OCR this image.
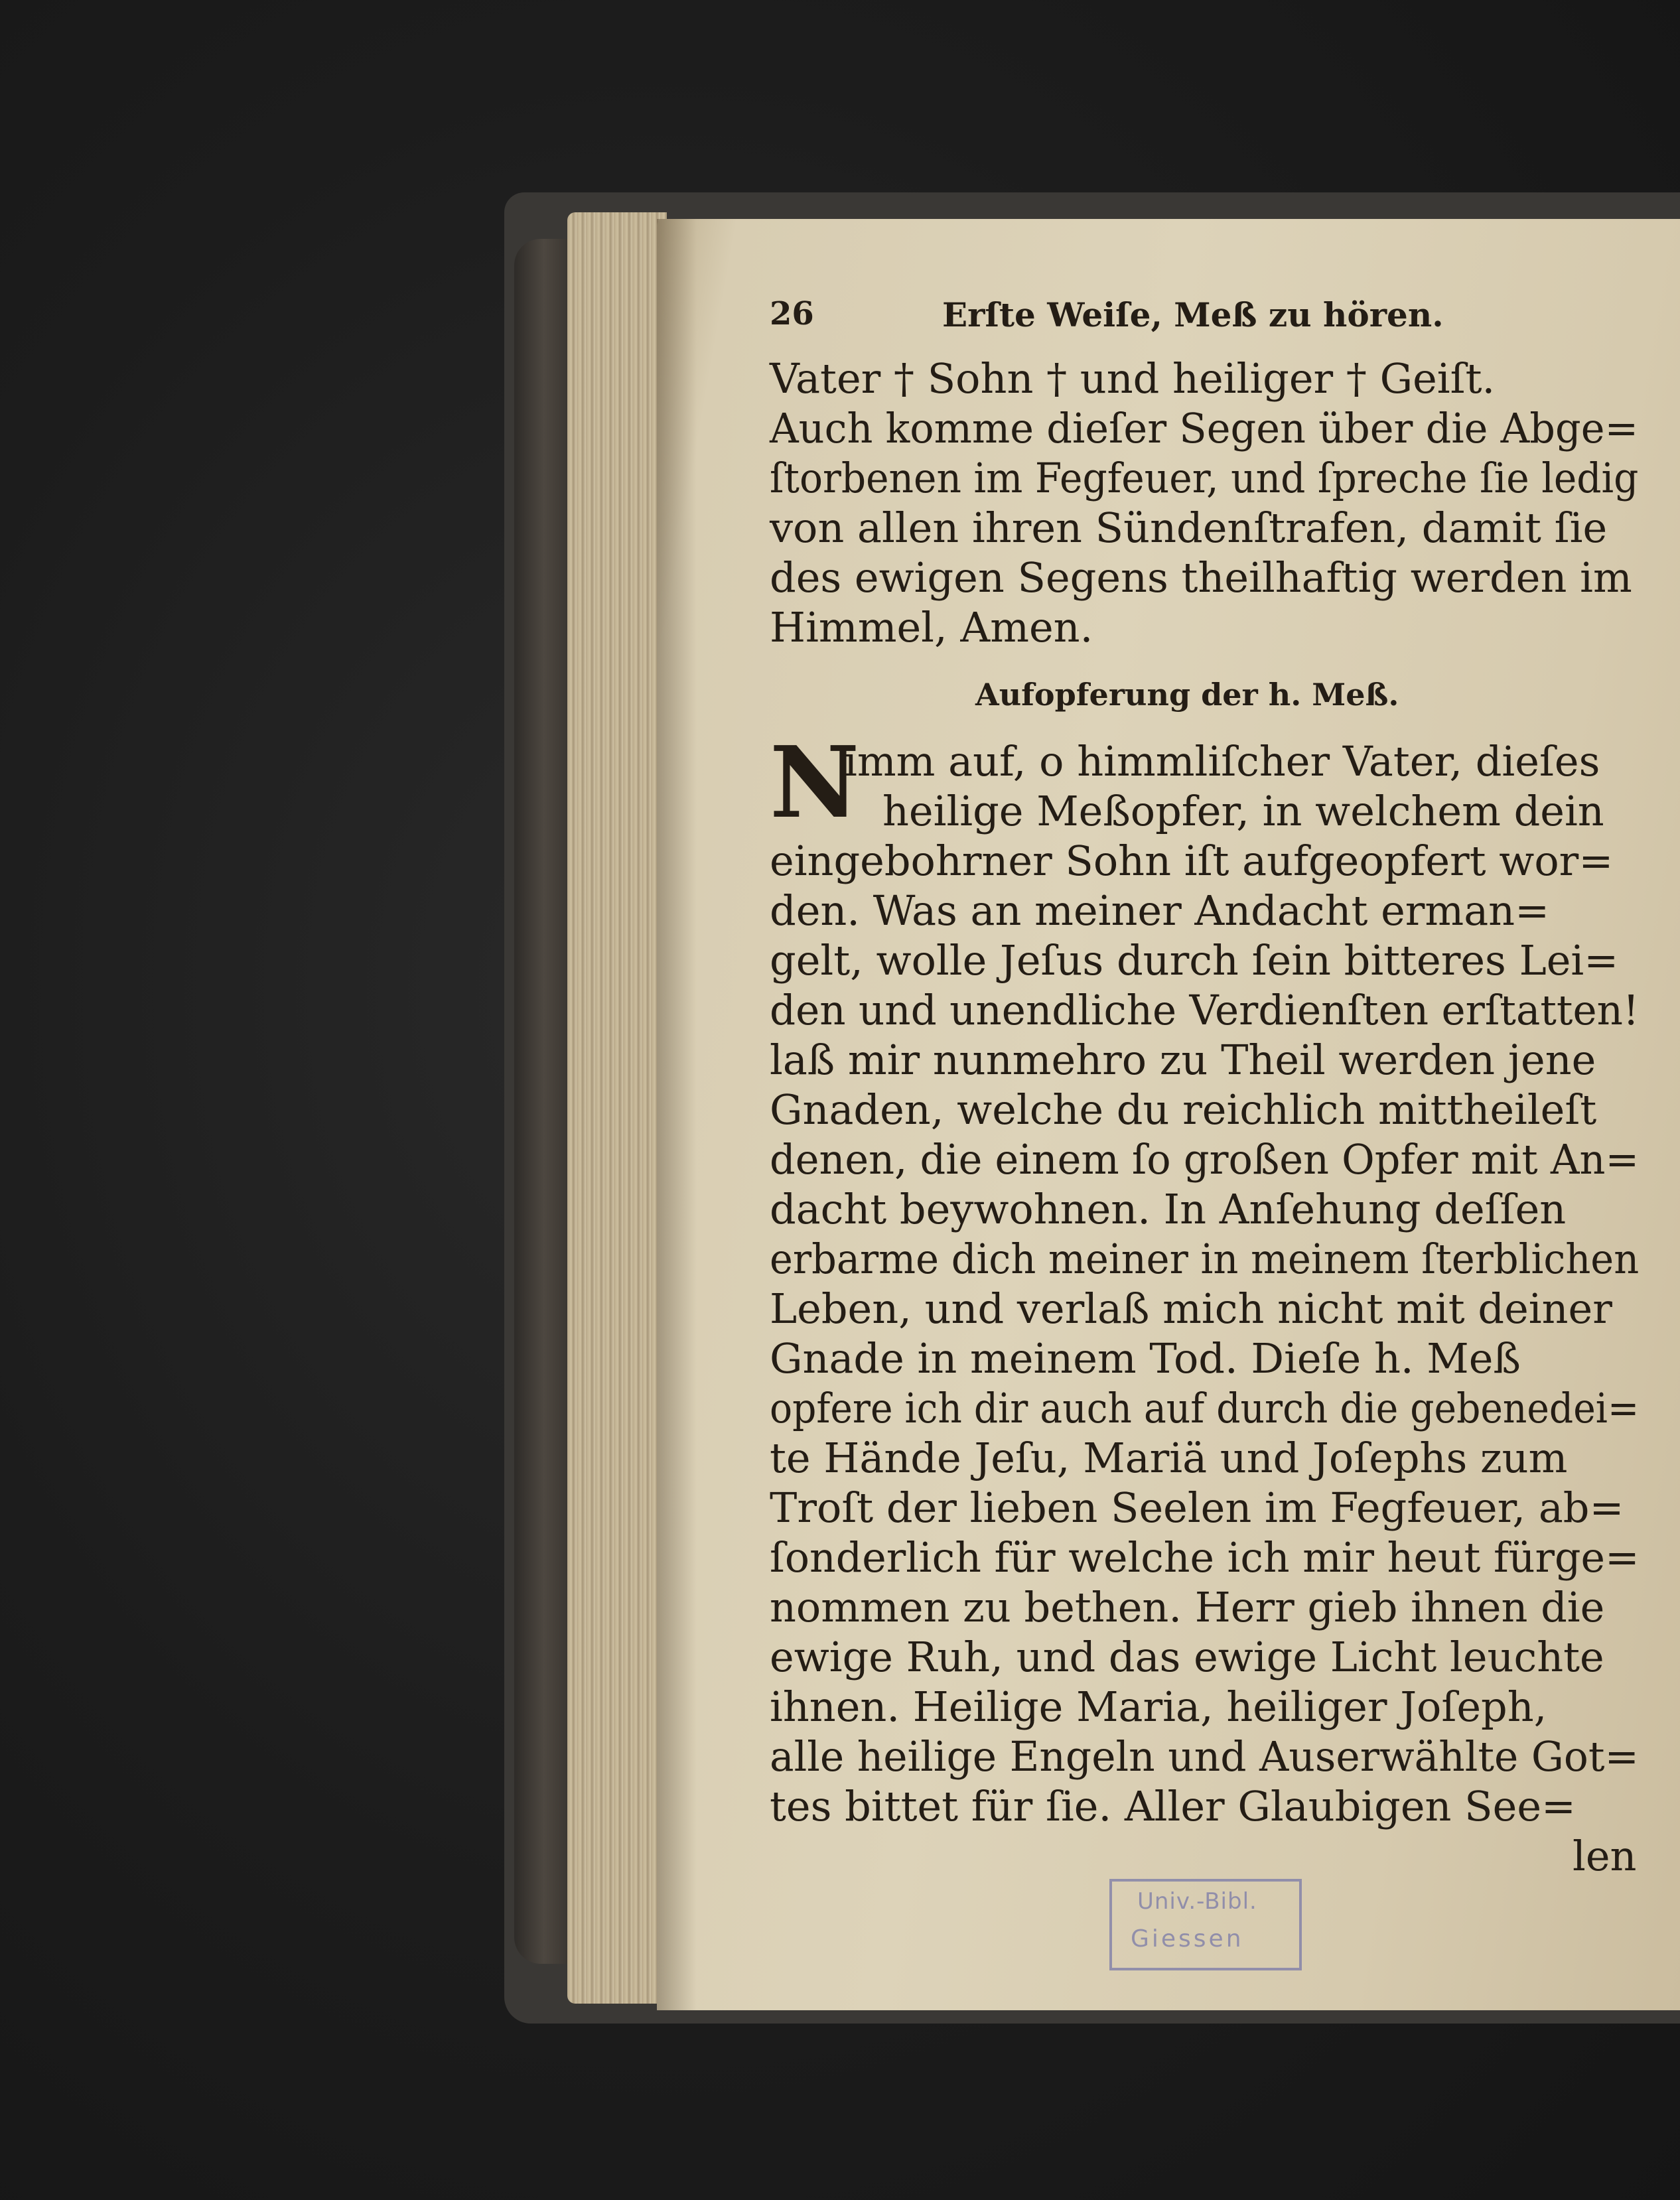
26	Erſte Weiſe, Meß zu hören.
Vater † Sohn † und heiliger † Geiſt.
Auch komme dieſer Segen über die Abge=
ſtorbenen im Fegfeuer, und ſpreche ſie ledig
von allen ihren Sündenſtrafen, damit ſie
des ewigen Segens theilhaftig werden im
Himmel, Amen.
Aufopferung der h. Meß.
N
imm auf, o himmliſcher Vater, dieſes
heilige Meßopfer, in welchem dein
eingebohrner Sohn iſt aufgeopfert wor=
den. Was an meiner Andacht erman=
gelt, wolle Jeſus durch ſein bitteres Lei=
den und unendliche Verdienſten erſtatten!
laß mir nunmehro zu Theil werden jene
Gnaden, welche du reichlich mittheileſt
denen, die einem ſo großen Opfer mit An=
dacht beywohnen. In Anſehung deſſen
erbarme dich meiner in meinem ſterblichen
Leben, und verlaß mich nicht mit deiner
Gnade in meinem Tod. Dieſe h. Meß
opfere ich dir auch auf durch die gebenedei=
te Hände Jeſu, Mariä und Joſephs zum
Troſt der lieben Seelen im Fegfeuer, ab=
ſonderlich für welche ich mir heut fürge=
nommen zu bethen. Herr gieb ihnen die
ewige Ruh, und das ewige Licht leuchte
ihnen. Heilige Maria, heiliger Joſeph,
alle heilige Engeln und Auserwählte Got=
tes bittet für ſie. Aller Glaubigen See=
len
Univ.-Bibl.
Giessen
